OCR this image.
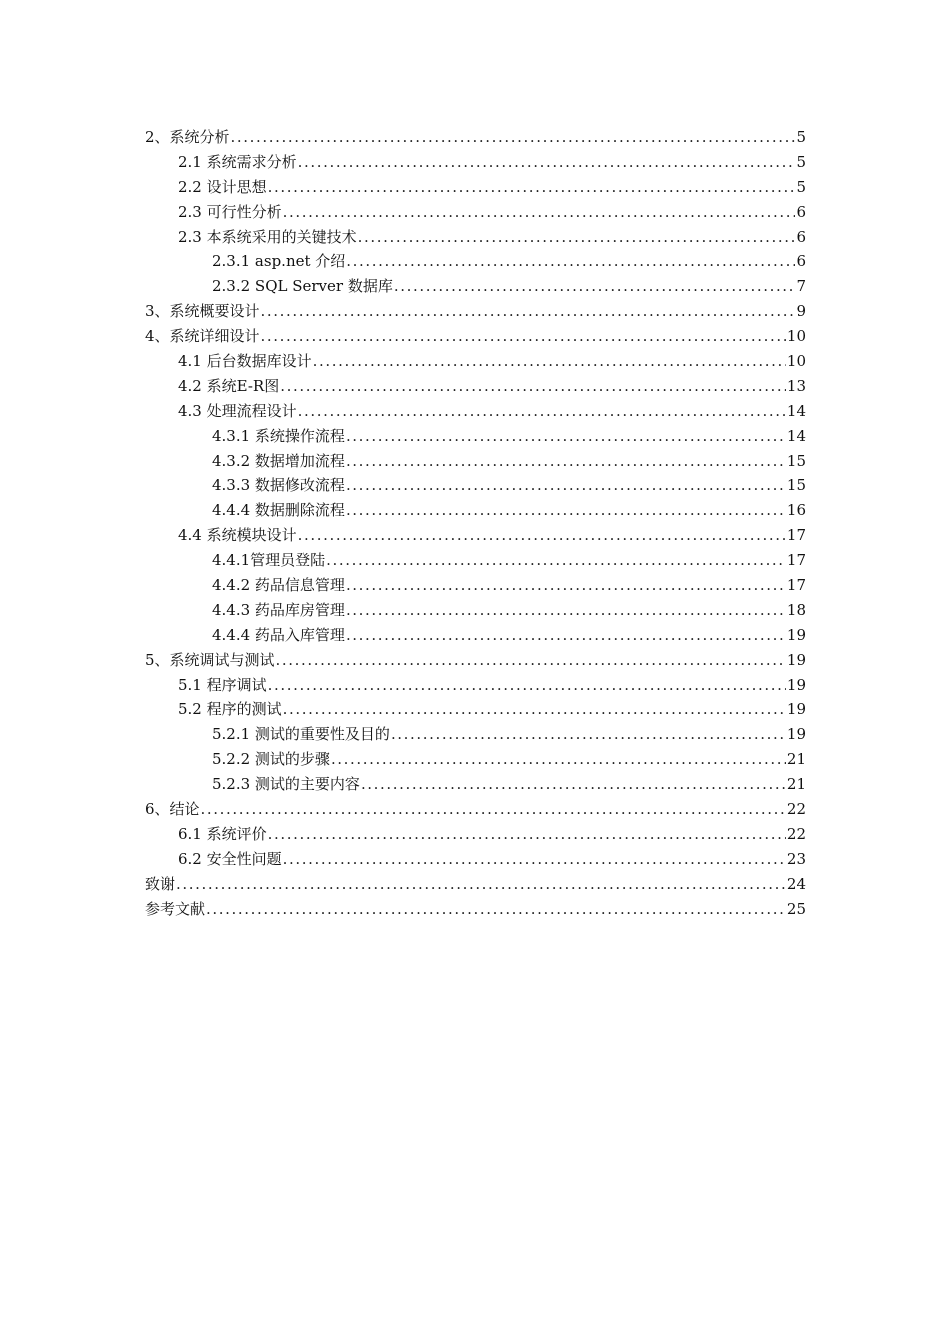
2、系统分析 .....	5
2.1 系统需求分析 .....	5
2.2 设计思想 .....	5
2.3 可行性分析 .....	6
2.3 本系统采用的关键技术 .....	6
2.3.1 asp.net 介绍 .....	6
2.3.2 SQL Server 数据库 .....	7
3、系统概要设计 .....	9
4、系统详细设计 .....	10
4.1 后台数据库设计 .....	10
4.2 系统E-R图 .....	13
4.3 处理流程设计 .....	14
4.3.1 系统操作流程 .....	14
4.3.2 数据增加流程 .....	15
4.3.3 数据修改流程 .....	15
4.4.4 数据删除流程 .....	16
4.4 系统模块设计 .....	17
4.4.1管理员登陆 .....	17
4.4.2 药品信息管理 .....	17
4.4.3 药品库房管理 .....	18
4.4.4 药品入库管理 .....	19
5、系统调试与测试 .....	19
5.1 程序调试 .....	19
5.2 程序的测试 .....	19
5.2.1 测试的重要性及目的 .....	19
5.2.2 测试的步骤 .....	21
5.2.3 测试的主要内容 .....	21
6、结论 .....	22
6.1 系统评价 .....	22
6.2 安全性问题 .....	23
致谢 .....	24
参考文献 .....	25
